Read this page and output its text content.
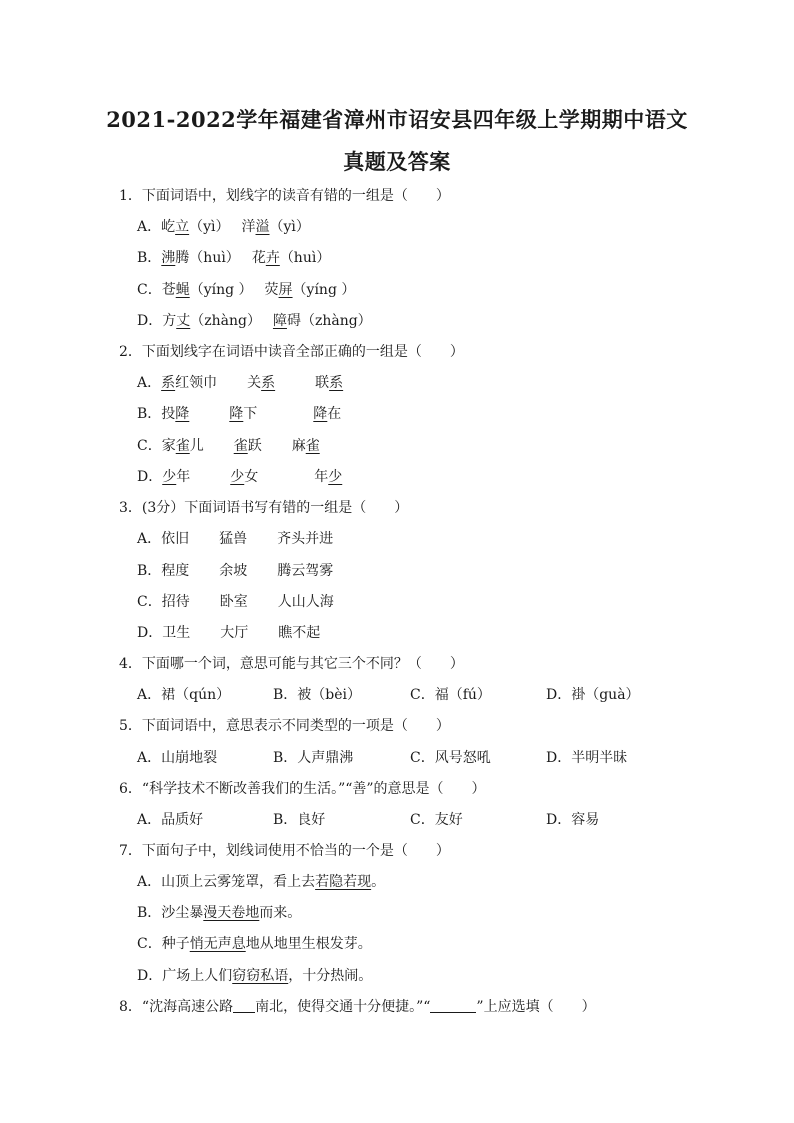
2021-2022学年福建省漳州市诏安县四年级上学期期中语文
真题及答案
1．下面词语中，划线字的读音有错的一组是（　　）
A．屹立（yì） 洋溢（yì）
B．沸腾（huì） 花卉（huì）
C．苍蝇（yíng ） 荧屏（yíng ）
D．方丈（zhàng） 障碍（zhàng）
2．下面划线字在词语中读音全部正确的一组是（　　）
A．系红领巾 关系	联系
B．投降	降下	降在
C．家雀儿 雀跃 麻雀
D．少年	少女	年少
3．(3分）下面词语书写有错的一组是（　　）
A．依旧 猛兽 齐头并进
B．程度 余坡 腾云驾雾
C．招待 卧室 人山人海
D．卫生 大厅 瞧不起
4．下面哪一个词，意思可能与其它三个不同？（　　）
A．裙（qún）	B．被（bèi）	C．福（fú）	D．褂（guà）
5．下面词语中，意思表示不同类型的一项是（　　）
A．山崩地裂	B．人声鼎沸	C．风号怒吼	D．半明半昧
6．“科学技术不断改善我们的生活。”“善”的意思是（　　）
A．品质好	B．良好	C．友好	D．容易
7．下面句子中，划线词使用不恰当的一个是（　　）
A．山顶上云雾笼罩，看上去若隐若现。
B．沙尘暴漫天卷地而来。
C．种子悄无声息地从地里生根发芽。
D．广场上人们窃窃私语，十分热闹。
8．“沈海高速公路 南北，使得交通十分便捷。”“	”上应选填（　　）
